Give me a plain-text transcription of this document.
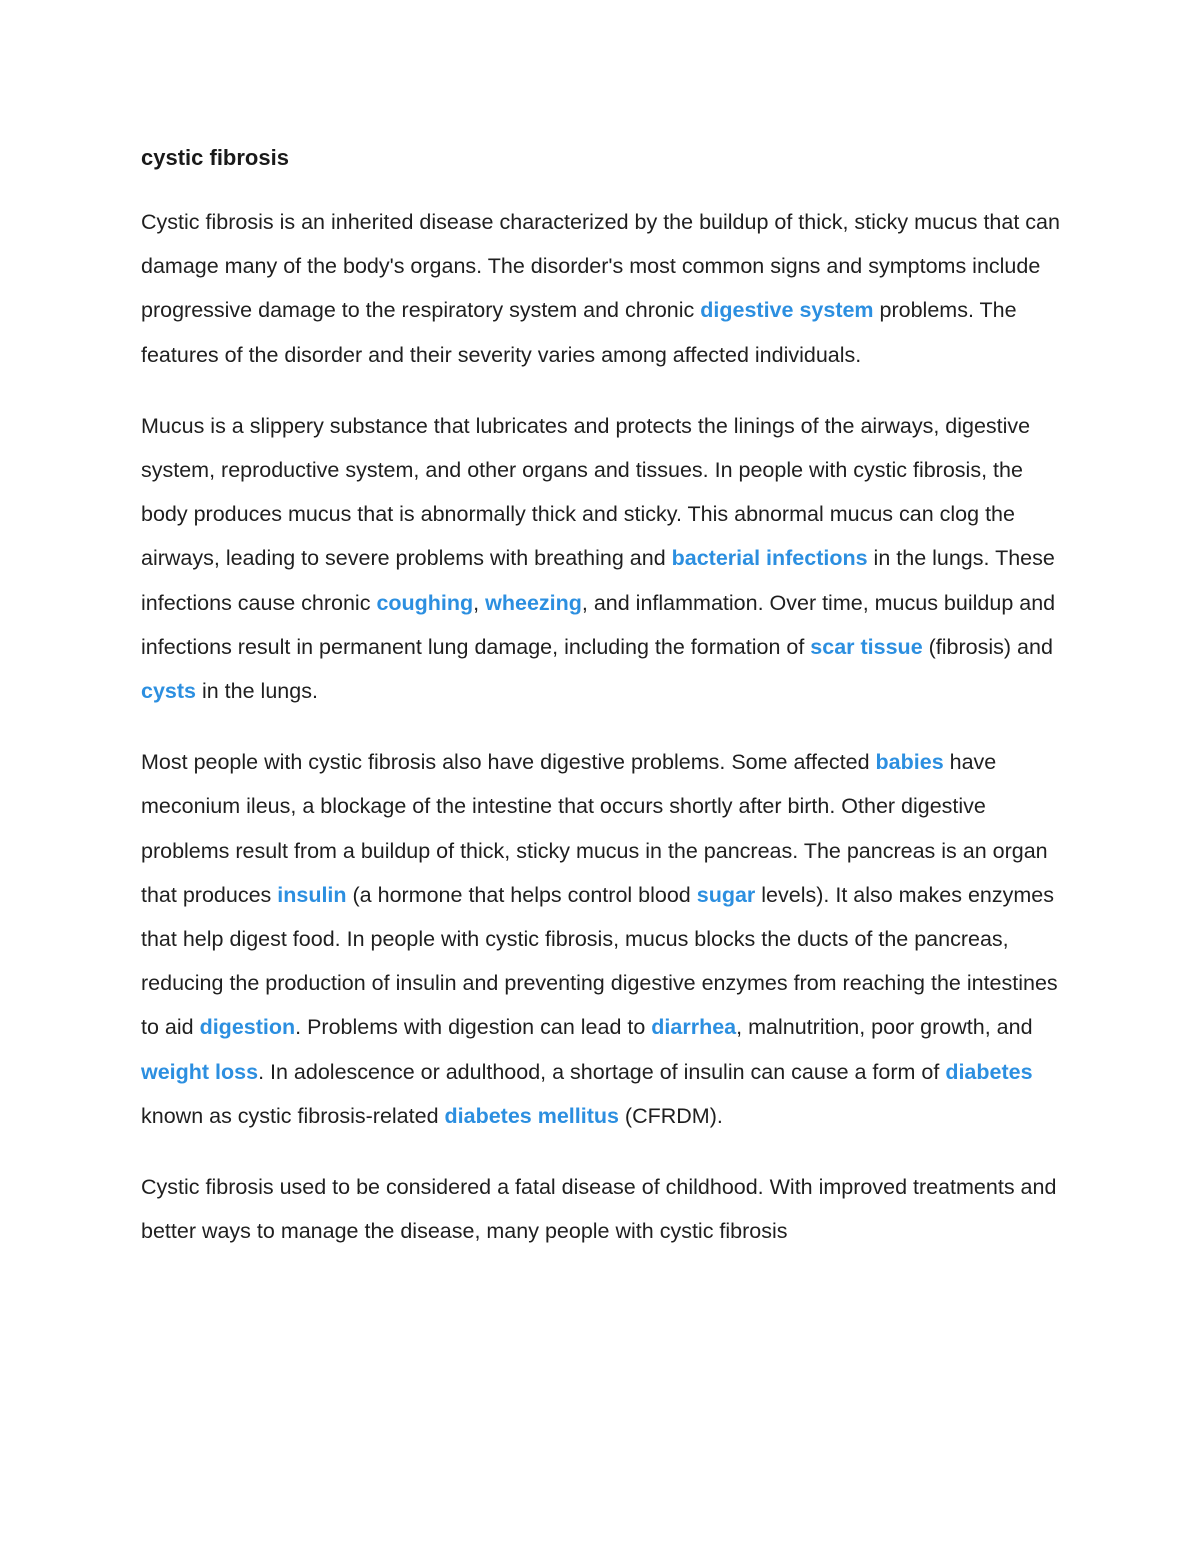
cystic fibrosis

Cystic fibrosis is an inherited disease characterized by the buildup of thick, sticky mucus that can damage many of the body's organs. The disorder's most common signs and symptoms include progressive damage to the respiratory system and chronic digestive system problems. The features of the disorder and their severity varies among affected individuals.

Mucus is a slippery substance that lubricates and protects the linings of the airways, digestive system, reproductive system, and other organs and tissues. In people with cystic fibrosis, the body produces mucus that is abnormally thick and sticky. This abnormal mucus can clog the airways, leading to severe problems with breathing and bacterial infections in the lungs. These infections cause chronic coughing, wheezing, and inflammation. Over time, mucus buildup and infections result in permanent lung damage, including the formation of scar tissue (fibrosis) and cysts in the lungs.

Most people with cystic fibrosis also have digestive problems. Some affected babies have meconium ileus, a blockage of the intestine that occurs shortly after birth. Other digestive problems result from a buildup of thick, sticky mucus in the pancreas. The pancreas is an organ that produces insulin (a hormone that helps control blood sugar levels). It also makes enzymes that help digest food. In people with cystic fibrosis, mucus blocks the ducts of the pancreas, reducing the production of insulin and preventing digestive enzymes from reaching the intestines to aid digestion. Problems with digestion can lead to diarrhea, malnutrition, poor growth, and weight loss. In adolescence or adulthood, a shortage of insulin can cause a form of diabetes known as cystic fibrosis-related diabetes mellitus (CFRDM).

Cystic fibrosis used to be considered a fatal disease of childhood. With improved treatments and better ways to manage the disease, many people with cystic fibrosis
